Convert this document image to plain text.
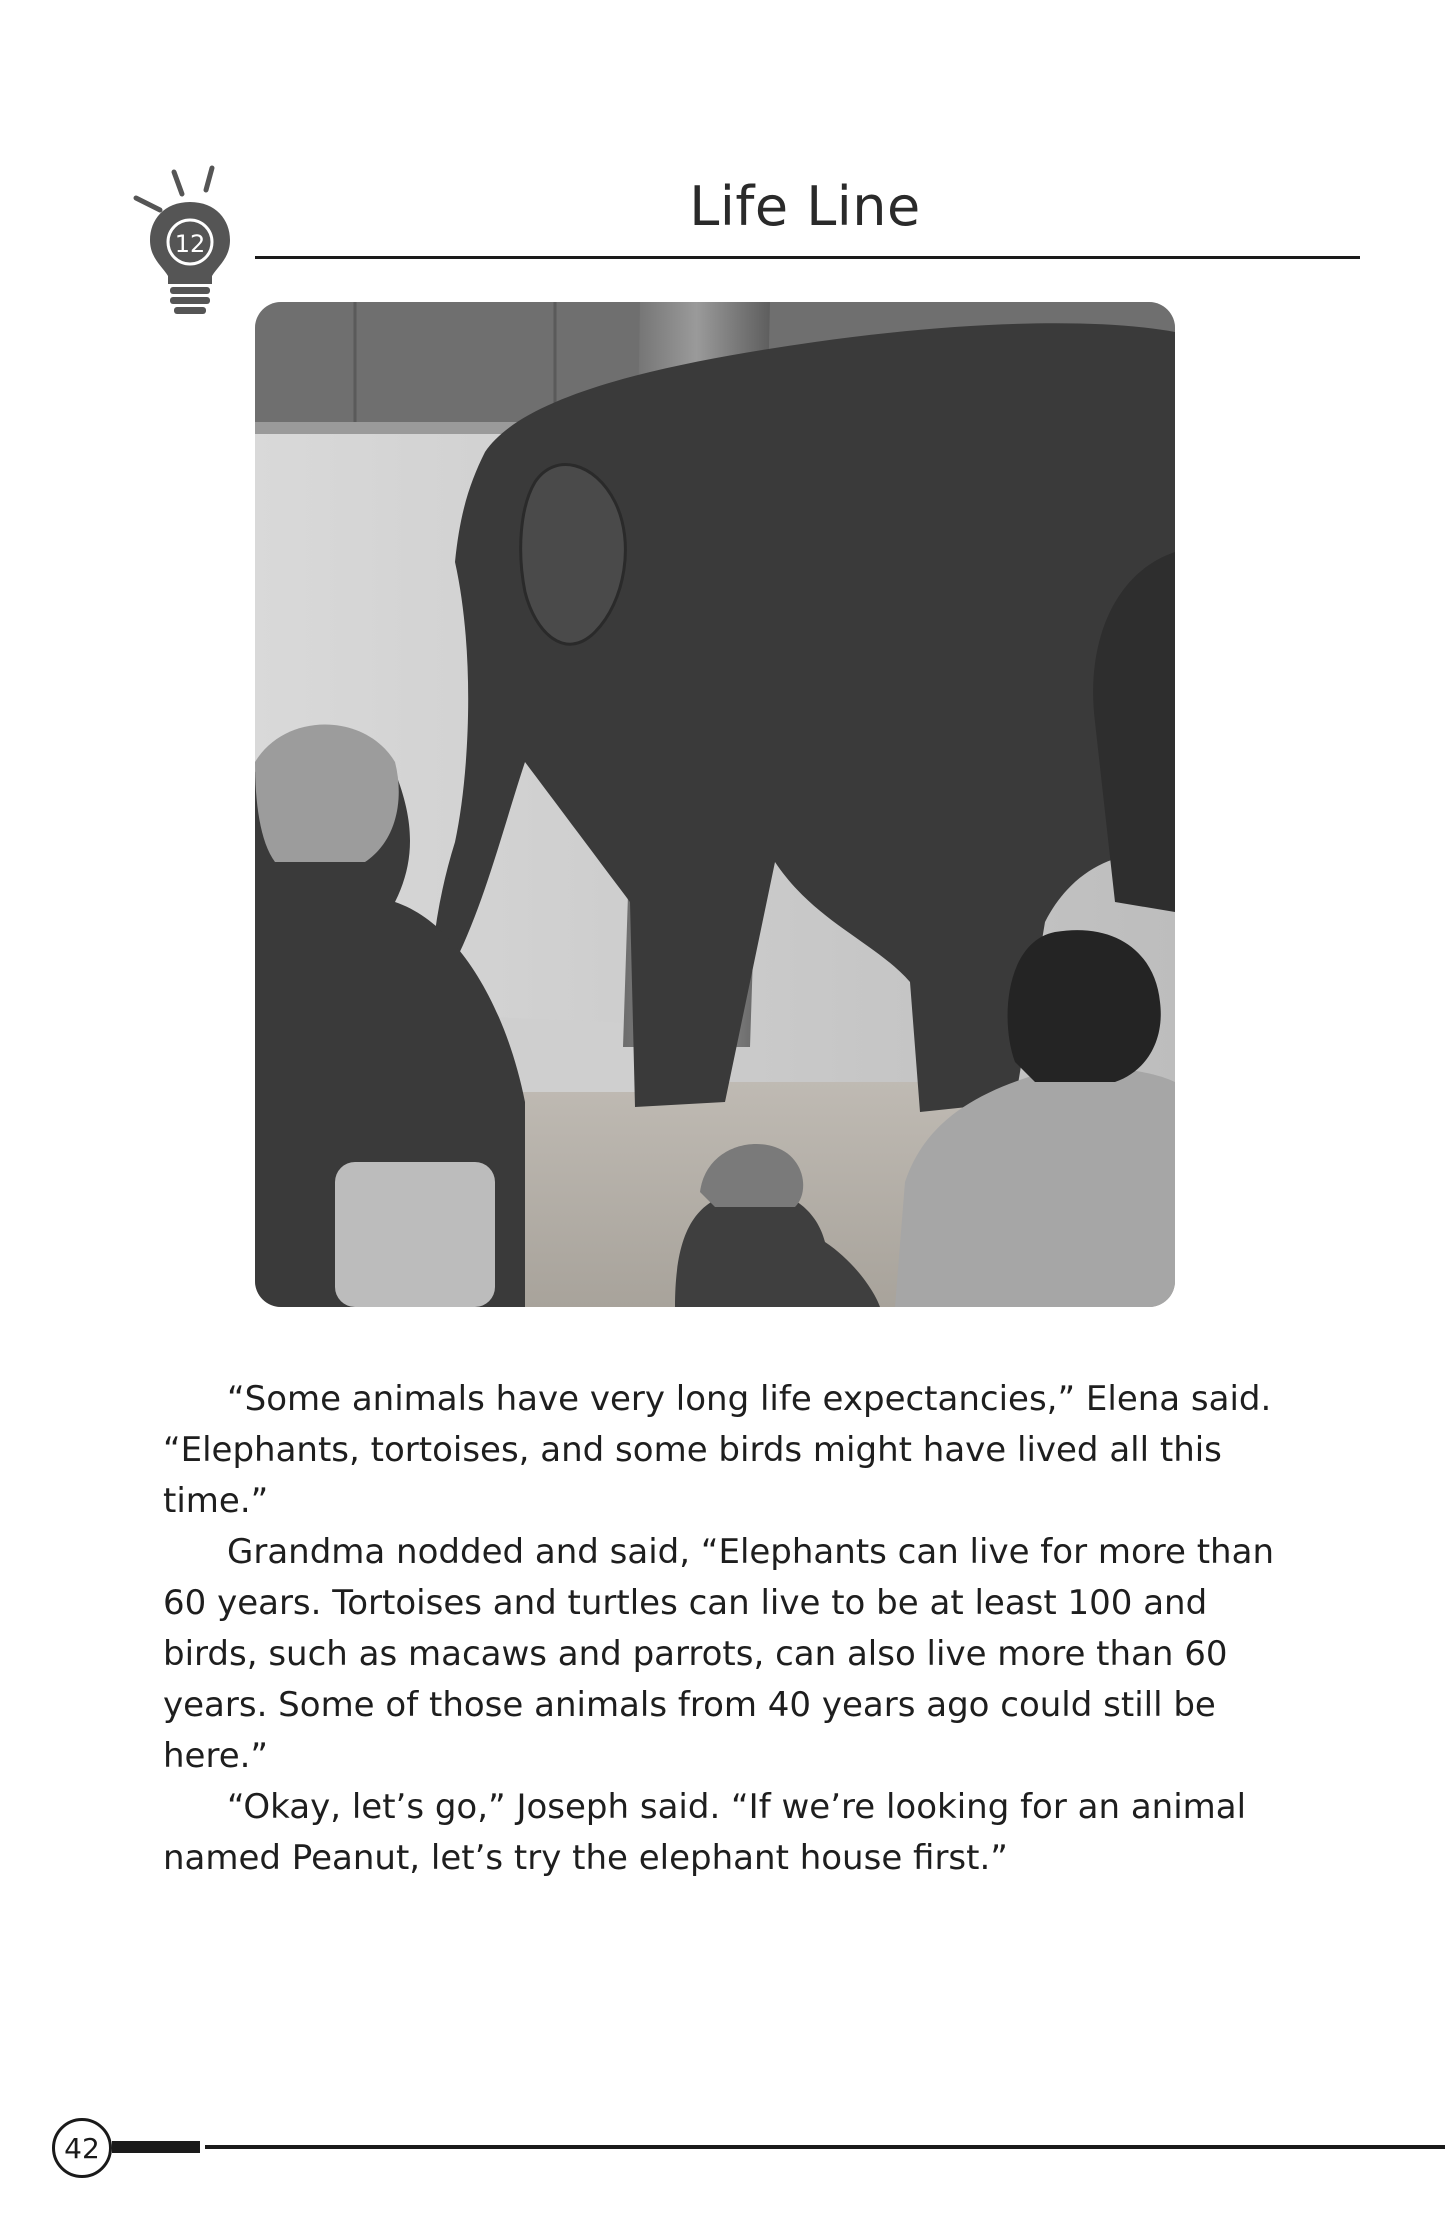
12
Life Line

“Some animals have very long life expectancies,” Elena said. “Elephants, tortoises, and some birds might have lived all this time.”

Grandma nodded and said, “Elephants can live for more than 60 years. Tortoises and turtles can live to be at least 100 and birds, such as macaws and parrots, can also live more than 60 years. Some of those animals from 40 years ago could still be here.”

“Okay, let’s go,” Joseph said. “If we’re looking for an animal named Peanut, let’s try the elephant house first.”

42
